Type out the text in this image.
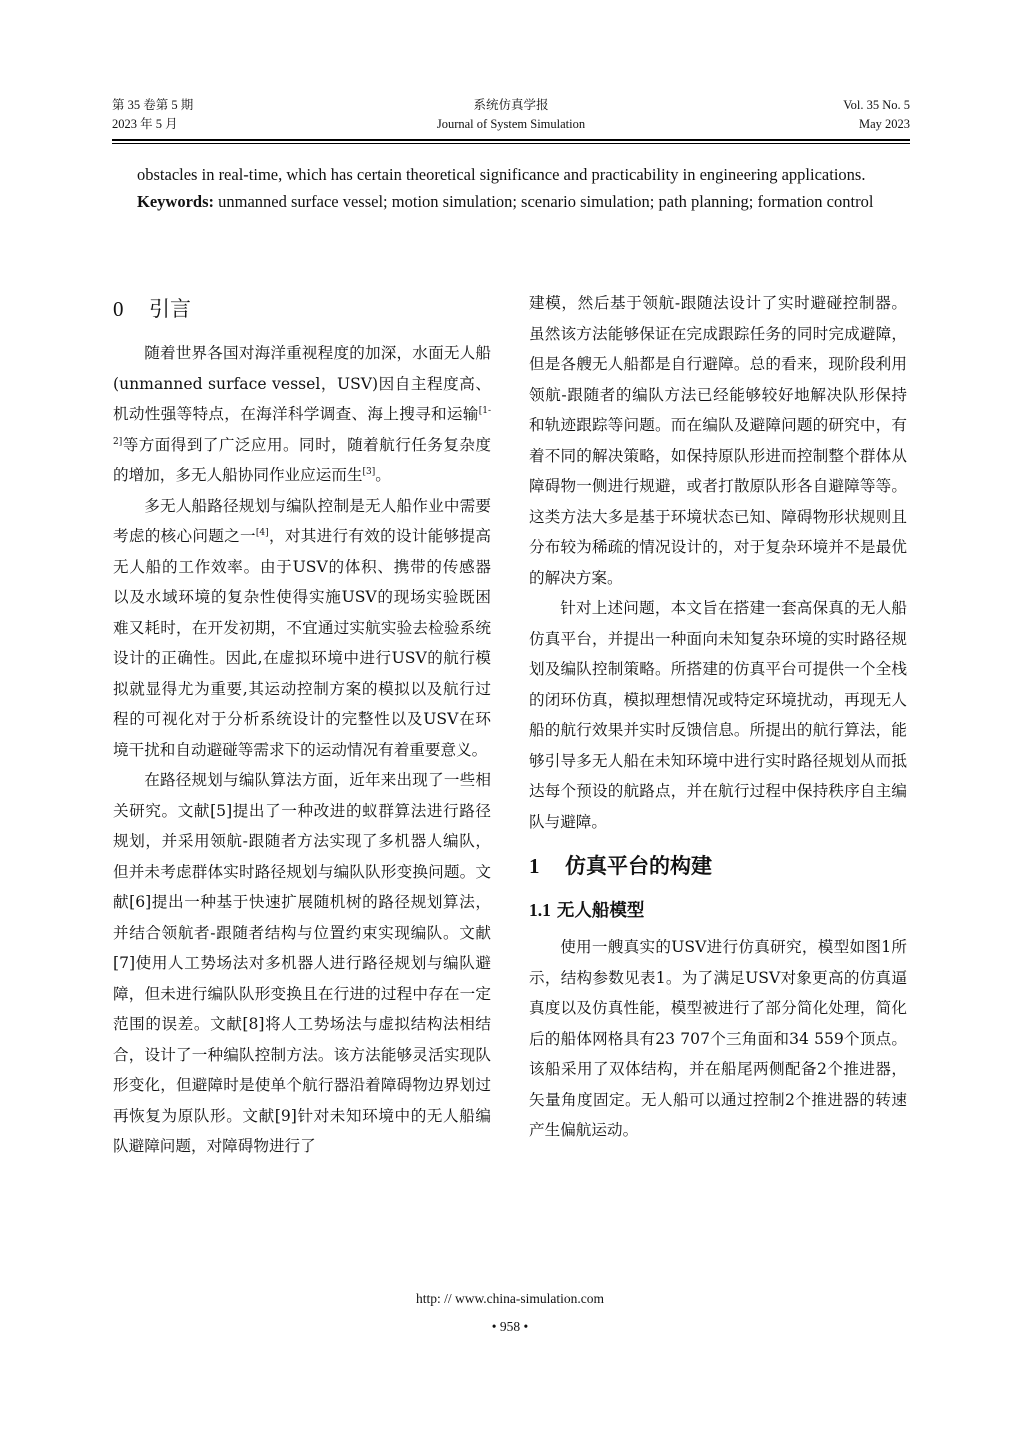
第 35 卷第 5 期
2023 年 5 月
系统仿真学报
Journal of System Simulation
Vol. 35 No. 5
May 2023
obstacles in real-time, which has certain theoretical significance and practicability in engineering applications.
Keywords: unmanned surface vessel; motion simulation; scenario simulation; path planning; formation control
0 引言

随着世界各国对海洋重视程度的加深，水面无人船(unmanned surface vessel，USV)因自主程度高、机动性强等特点，在海洋科学调查、海上搜寻和运输[1-2]等方面得到了广泛应用。同时，随着航行任务复杂度的增加，多无人船协同作业应运而生[3]。

多无人船路径规划与编队控制是无人船作业中需要考虑的核心问题之一[4]，对其进行有效的设计能够提高无人船的工作效率。由于USV的体积、携带的传感器以及水域环境的复杂性使得实施USV的现场实验既困难又耗时，在开发初期，不宜通过实航实验去检验系统设计的正确性。因此,在虚拟环境中进行USV的航行模拟就显得尤为重要,其运动控制方案的模拟以及航行过程的可视化对于分析系统设计的完整性以及USV在环境干扰和自动避碰等需求下的运动情况有着重要意义。

在路径规划与编队算法方面，近年来出现了一些相关研究。文献[5]提出了一种改进的蚁群算法进行路径规划，并采用领航-跟随者方法实现了多机器人编队，但并未考虑群体实时路径规划与编队队形变换问题。文献[6]提出一种基于快速扩展随机树的路径规划算法，并结合领航者-跟随者结构与位置约束实现编队。文献[7]使用人工势场法对多机器人进行路径规划与编队避障，但未进行编队队形变换且在行进的过程中存在一定范围的误差。文献[8]将人工势场法与虚拟结构法相结合，设计了一种编队控制方法。该方法能够灵活实现队形变化，但避障时是使单个航行器沿着障碍物边界划过再恢复为原队形。文献[9]针对未知环境中的无人船编队避障问题，对障碍物进行了

建模，然后基于领航-跟随法设计了实时避碰控制器。虽然该方法能够保证在完成跟踪任务的同时完成避障，但是各艘无人船都是自行避障。总的看来，现阶段利用领航-跟随者的编队方法已经能够较好地解决队形保持和轨迹跟踪等问题。而在编队及避障问题的研究中，有着不同的解决策略，如保持原队形进而控制整个群体从障碍物一侧进行规避，或者打散原队形各自避障等等。这类方法大多是基于环境状态已知、障碍物形状规则且分布较为稀疏的情况设计的，对于复杂环境并不是最优的解决方案。

针对上述问题，本文旨在搭建一套高保真的无人船仿真平台，并提出一种面向未知复杂环境的实时路径规划及编队控制策略。所搭建的仿真平台可提供一个全栈的闭环仿真，模拟理想情况或特定环境扰动，再现无人船的航行效果并实时反馈信息。所提出的航行算法，能够引导多无人船在未知环境中进行实时路径规划从而抵达每个预设的航路点，并在航行过程中保持秩序自主编队与避障。

1 仿真平台的构建
1.1 无人船模型

使用一艘真实的USV进行仿真研究，模型如图1所示，结构参数见表1。为了满足USV对象更高的仿真逼真度以及仿真性能，模型被进行了部分简化处理，简化后的船体网格具有23 707个三角面和34 559个顶点。该船采用了双体结构，并在船尾两侧配备2个推进器，矢量角度固定。无人船可以通过控制2个推进器的转速产生偏航运动。

http: // www.china-simulation.com
• 958 •
